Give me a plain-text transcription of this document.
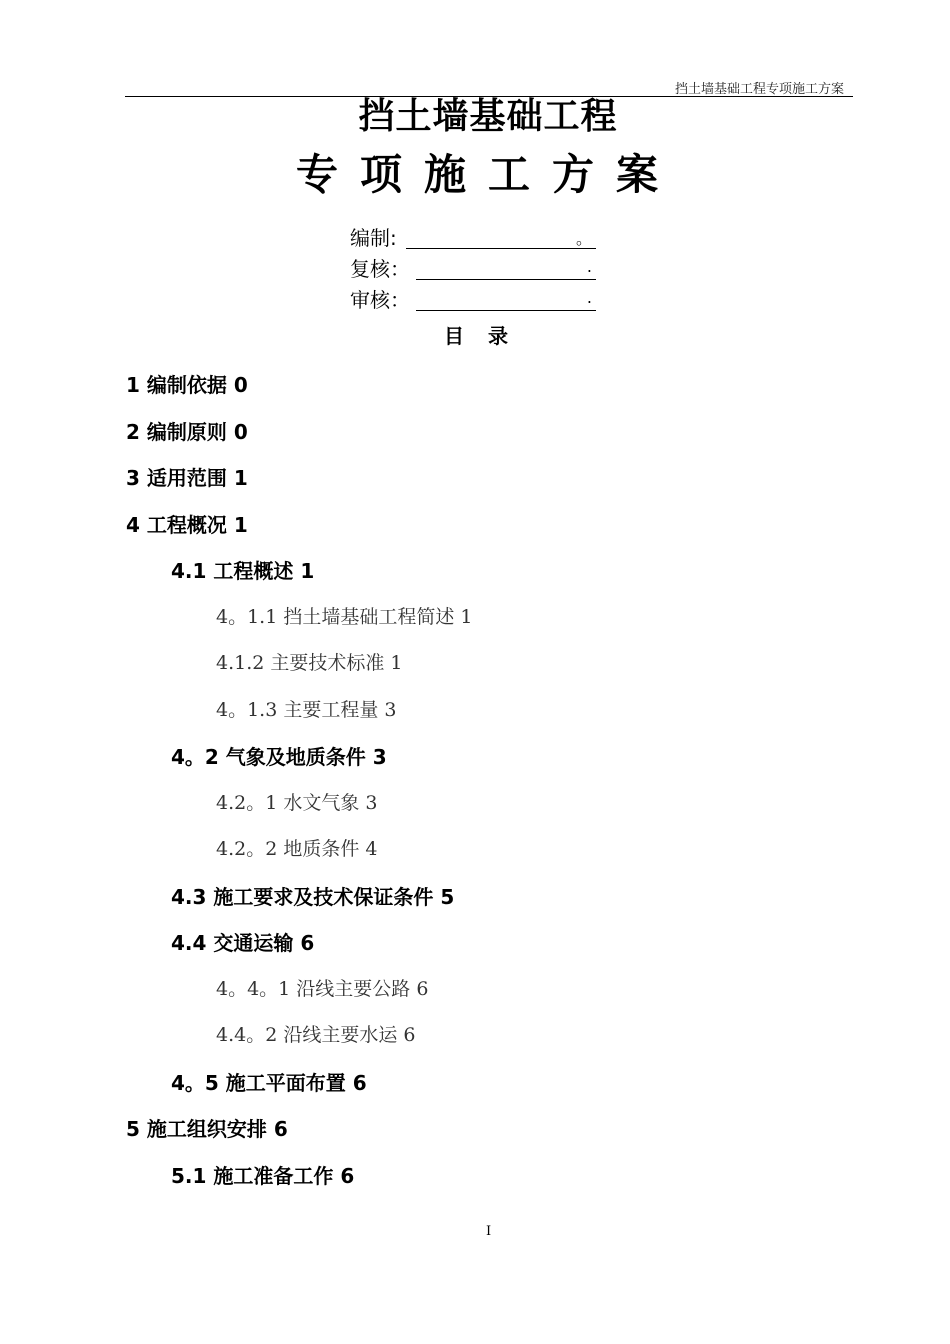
挡土墙基础工程专项施工方案
挡土墙基础工程
专项施工方案
编制:	。
复核：	.
审核：	.
目录
1 编制依据 0
2 编制原则 0
3 适用范围 1
4 工程概况 1
4.1 工程概述 1
4。1.1 挡土墙基础工程简述 1
4.1.2 主要技术标准 1
4。1.3 主要工程量 3
4。2 气象及地质条件 3
4.2。1 水文气象 3
4.2。2 地质条件 4
4.3 施工要求及技术保证条件 5
4.4 交通运输 6
4。4。1 沿线主要公路 6
4.4。2 沿线主要水运 6
4。5 施工平面布置 6
5 施工组织安排 6
5.1 施工准备工作 6
I
